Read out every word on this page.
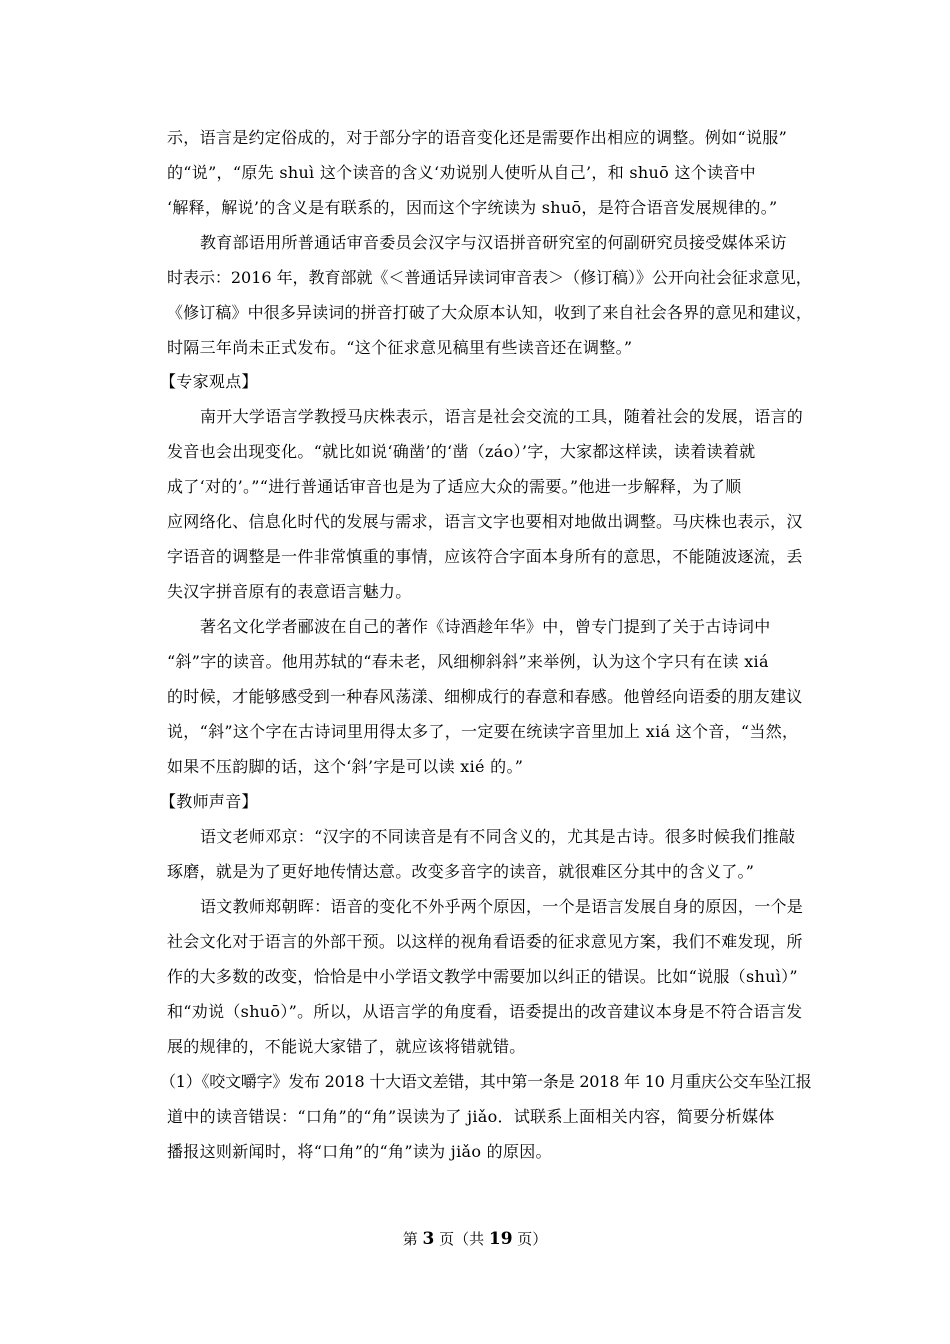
示，语言是约定俗成的，对于部分字的语音变化还是需要作出相应的调整。例如“说服”
的“说”，“原先 shuì 这个读音的含义‘劝说别人使听从自己’，和 shuō 这个读音中
‘解释，解说’的含义是有联系的，因而这个字统读为 shuō，是符合语音发展规律的。”
教育部语用所普通话审音委员会汉字与汉语拼音研究室的何副研究员接受媒体采访
时表示：2016 年，教育部就《＜普通话异读词审音表＞（修订稿）》公开向社会征求意见，
《修订稿》中很多异读词的拼音打破了大众原本认知，收到了来自社会各界的意见和建议，
时隔三年尚未正式发布。“这个征求意见稿里有些读音还在调整。”
【专家观点】
南开大学语言学教授马庆株表示，语言是社会交流的工具，随着社会的发展，语言的
发音也会出现变化。“就比如说‘确凿’的‘凿（záo）’字，大家都这样读，读着读着就
成了‘对的’。”“进行普通话审音也是为了适应大众的需要。”他进一步解释，为了顺
应网络化、信息化时代的发展与需求，语言文字也要相对地做出调整。马庆株也表示，汉
字语音的调整是一件非常慎重的事情，应该符合字面本身所有的意思，不能随波逐流，丢
失汉字拼音原有的表意语言魅力。
著名文化学者郦波在自己的著作《诗酒趁年华》中，曾专门提到了关于古诗词中
“斜”字的读音。他用苏轼的“春未老，风细柳斜斜”来举例，认为这个字只有在读 xiá
的时候，才能够感受到一种春风荡漾、细柳成行的春意和春感。他曾经向语委的朋友建议
说，“斜”这个字在古诗词里用得太多了，一定要在统读字音里加上 xiá 这个音，“当然，
如果不压韵脚的话，这个‘斜’字是可以读 xié 的。”
【教师声音】
语文老师邓京：“汉字的不同读音是有不同含义的，尤其是古诗。很多时候我们推敲
琢磨，就是为了更好地传情达意。改变多音字的读音，就很难区分其中的含义了。”
语文教师郑朝晖：语音的变化不外乎两个原因，一个是语言发展自身的原因，一个是
社会文化对于语言的外部干预。以这样的视角看语委的征求意见方案，我们不难发现，所
作的大多数的改变，恰恰是中小学语文教学中需要加以纠正的错误。比如“说服（shuì）”
和“劝说（shuō）”。所以，从语言学的角度看，语委提出的改音建议本身是不符合语言发
展的规律的，不能说大家错了，就应该将错就错。
（1）《咬文嚼字》发布 2018 十大语文差错，其中第一条是 2018 年 10 月重庆公交车坠江报
道中的读音错误：“口角”的“角”误读为了 jiǎo．试联系上面相关内容，简要分析媒体
播报这则新闻时，将“口角”的“角”读为 jiǎo 的原因。
第 3 页（共 19 页）
